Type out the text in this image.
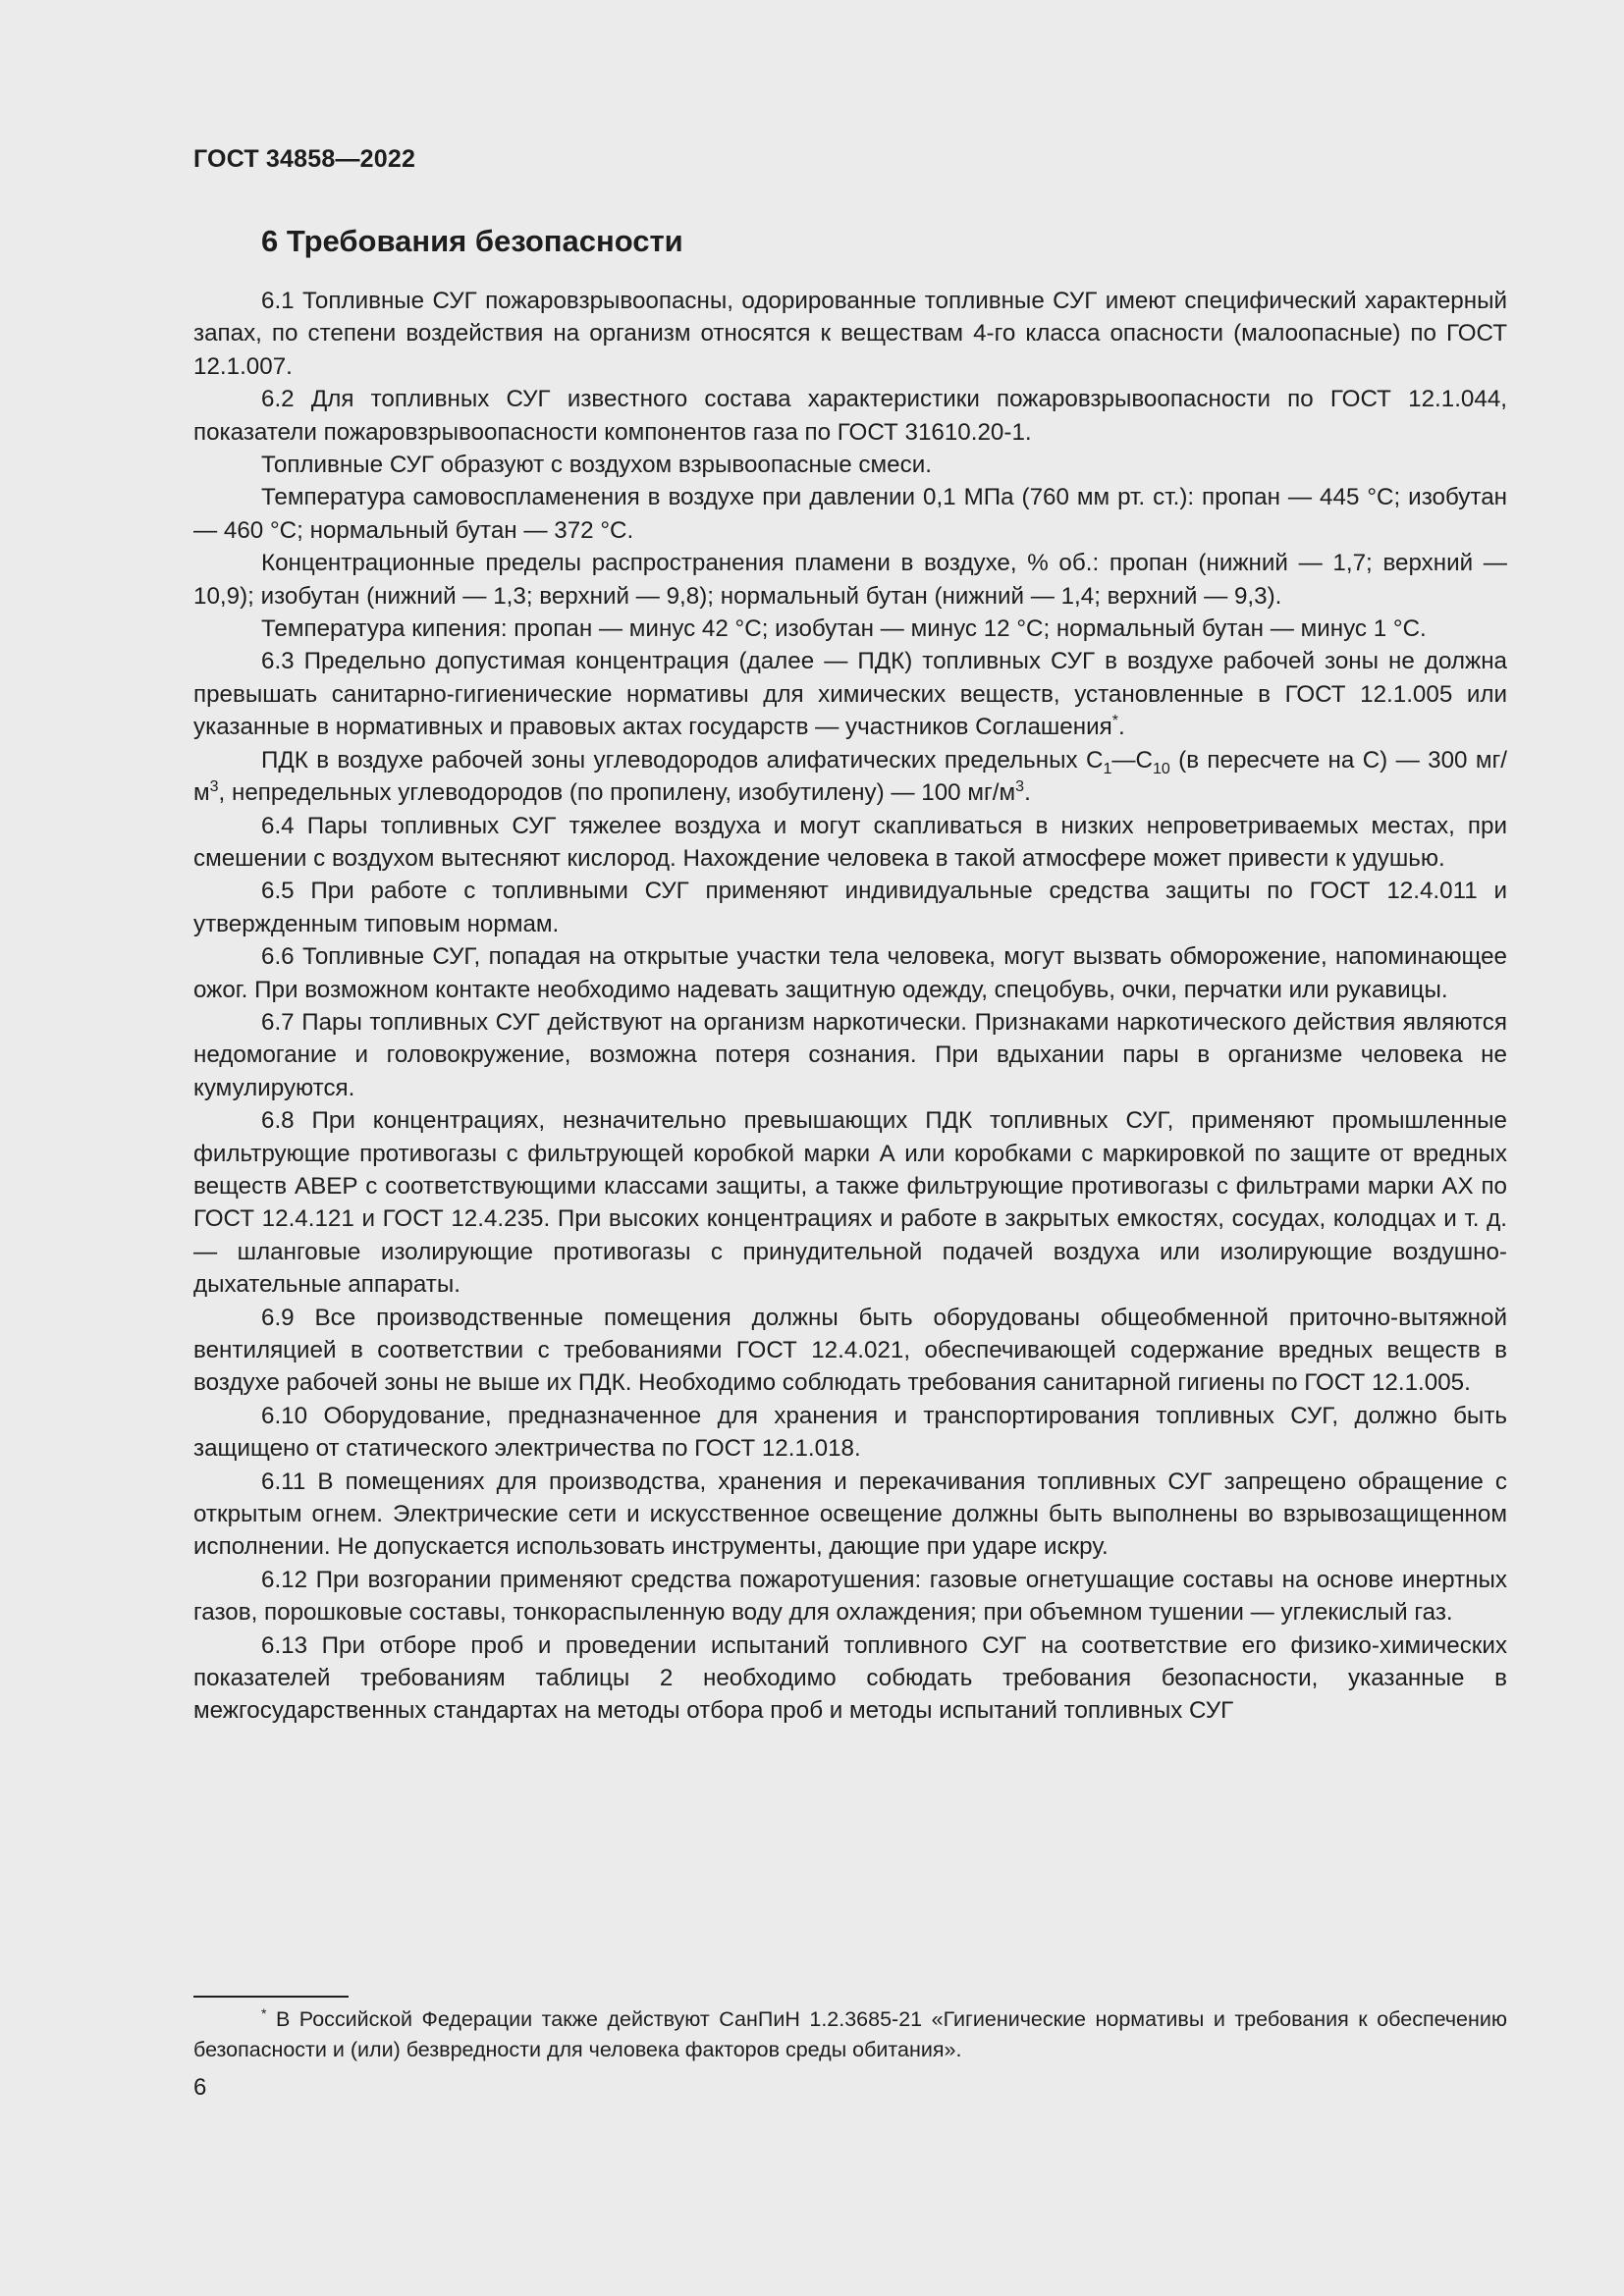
ГОСТ 34858—2022
6 Требования безопасности

6.1 Топливные СУГ пожаровзрывоопасны, одорированные топливные СУГ имеют специфический характерный запах, по степени воздействия на организм относятся к веществам 4-го класса опасности (малоопасные) по ГОСТ 12.1.007.

6.2 Для топливных СУГ известного состава характеристики пожаровзрывоопасности по ГОСТ 12.1.044, показатели пожаровзрывоопасности компонентов газа по ГОСТ 31610.20-1.

Топливные СУГ образуют с воздухом взрывоопасные смеси.

Температура самовоспламенения в воздухе при давлении 0,1 МПа (760 мм рт. ст.): пропан — 445 °С; изобутан — 460 °С; нормальный бутан — 372 °С.

Концентрационные пределы распространения пламени в воздухе, % об.: пропан (нижний — 1,7; верхний — 10,9); изобутан (нижний — 1,3; верхний — 9,8); нормальный бутан (нижний — 1,4; верхний — 9,3).

Температура кипения: пропан — минус 42 °С; изобутан — минус 12 °С; нормальный бутан — минус 1 °С.

6.3 Предельно допустимая концентрация (далее — ПДК) топливных СУГ в воздухе рабочей зоны не должна превышать санитарно-гигиенические нормативы для химических веществ, установленные в ГОСТ 12.1.005 или указанные в нормативных и правовых актах государств — участников Соглашения*.

ПДК в воздухе рабочей зоны углеводородов алифатических предельных $С_1—С_{10}$ (в пересчете на С) — 300 $мг/м^3$, непредельных углеводородов (по пропилену, изобутилену) — 100 $мг/м^3$.

6.4 Пары топливных СУГ тяжелее воздуха и могут скапливаться в низких непроветриваемых местах, при смешении с воздухом вытесняют кислород. Нахождение человека в такой атмосфере может привести к удушью.

6.5 При работе с топливными СУГ применяют индивидуальные средства защиты по ГОСТ 12.4.011 и утвержденным типовым нормам.

6.6 Топливные СУГ, попадая на открытые участки тела человека, могут вызвать обморожение, напоминающее ожог. При возможном контакте необходимо надевать защитную одежду, спецобувь, очки, перчатки или рукавицы.

6.7 Пары топливных СУГ действуют на организм наркотически. Признаками наркотического действия являются недомогание и головокружение, возможна потеря сознания. При вдыхании пары в организме человека не кумулируются.

6.8 При концентрациях, незначительно превышающих ПДК топливных СУГ, применяют промышленные фильтрующие противогазы с фильтрующей коробкой марки А или коробками с маркировкой по защите от вредных веществ АВЕР с соответствующими классами защиты, а также фильтрующие противогазы с фильтрами марки АХ по ГОСТ 12.4.121 и ГОСТ 12.4.235. При высоких концентрациях и работе в закрытых емкостях, сосудах, колодцах и т. д. — шланговые изолирующие противогазы с принудительной подачей воздуха или изолирующие воздушно-дыхательные аппараты.

6.9 Все производственные помещения должны быть оборудованы общеобменной приточно-вытяжной вентиляцией в соответствии с требованиями ГОСТ 12.4.021, обеспечивающей содержание вредных веществ в воздухе рабочей зоны не выше их ПДК. Необходимо соблюдать требования санитарной гигиены по ГОСТ 12.1.005.

6.10 Оборудование, предназначенное для хранения и транспортирования топливных СУГ, должно быть защищено от статического электричества по ГОСТ 12.1.018.

6.11 В помещениях для производства, хранения и перекачивания топливных СУГ запрещено обращение с открытым огнем. Электрические сети и искусственное освещение должны быть выполнены во взрывозащищенном исполнении. Не допускается использовать инструменты, дающие при ударе искру.

6.12 При возгорании применяют средства пожаротушения: газовые огнетушащие составы на основе инертных газов, порошковые составы, тонкораспыленную воду для охлаждения; при объемном тушении — углекислый газ.

6.13 При отборе проб и проведении испытаний топливного СУГ на соответствие его физико-химических показателей требованиям таблицы 2 необходимо собюдать требования безопасности, указанные в межгосударственных стандартах на методы отбора проб и методы испытаний топливных СУГ

* В Российской Федерации также действуют СанПиН 1.2.3685-21 «Гигиенические нормативы и требования к обеспечению безопасности и (или) безвредности для человека факторов среды обитания».

6
